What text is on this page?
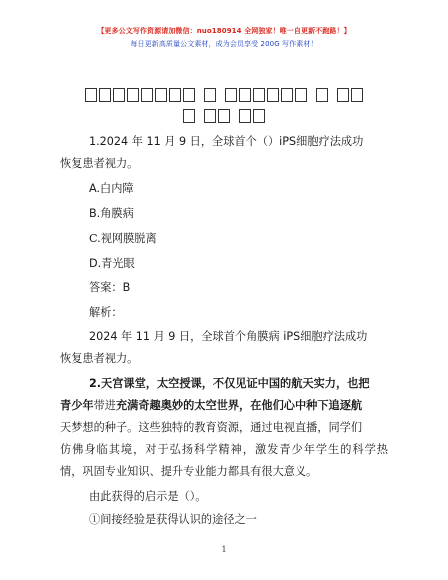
【更多公文写作资源请加微信：nuo180914 全网独家！唯一自更新不跑路！】
每日更新高质量公文素材，成为会员享受 200G 写作素材！

1.2024 年 11 月 9 日，全球首个（）iPS细胞疗法成功
恢复患者视力。
A.白内障
B.角膜病
C.视网膜脱离
D.青光眼
答案：B
解析：
2024 年 11 月 9 日，全球首个角膜病 iPS细胞疗法成功
恢复患者视力。
2.天宫课堂，太空授课，不仅见证中国的航天实力，也把
青少年带进充满奇趣奥妙的太空世界，在他们心中种下追逐航
天梦想的种子。这些独特的教育资源，通过电视直播，同学们
仿佛身临其境，对于弘扬科学精神，激发青少年学生的科学热
情，巩固专业知识、提升专业能力都具有很大意义。
由此获得的启示是（）。
①间接经验是获得认识的途径之一
1
